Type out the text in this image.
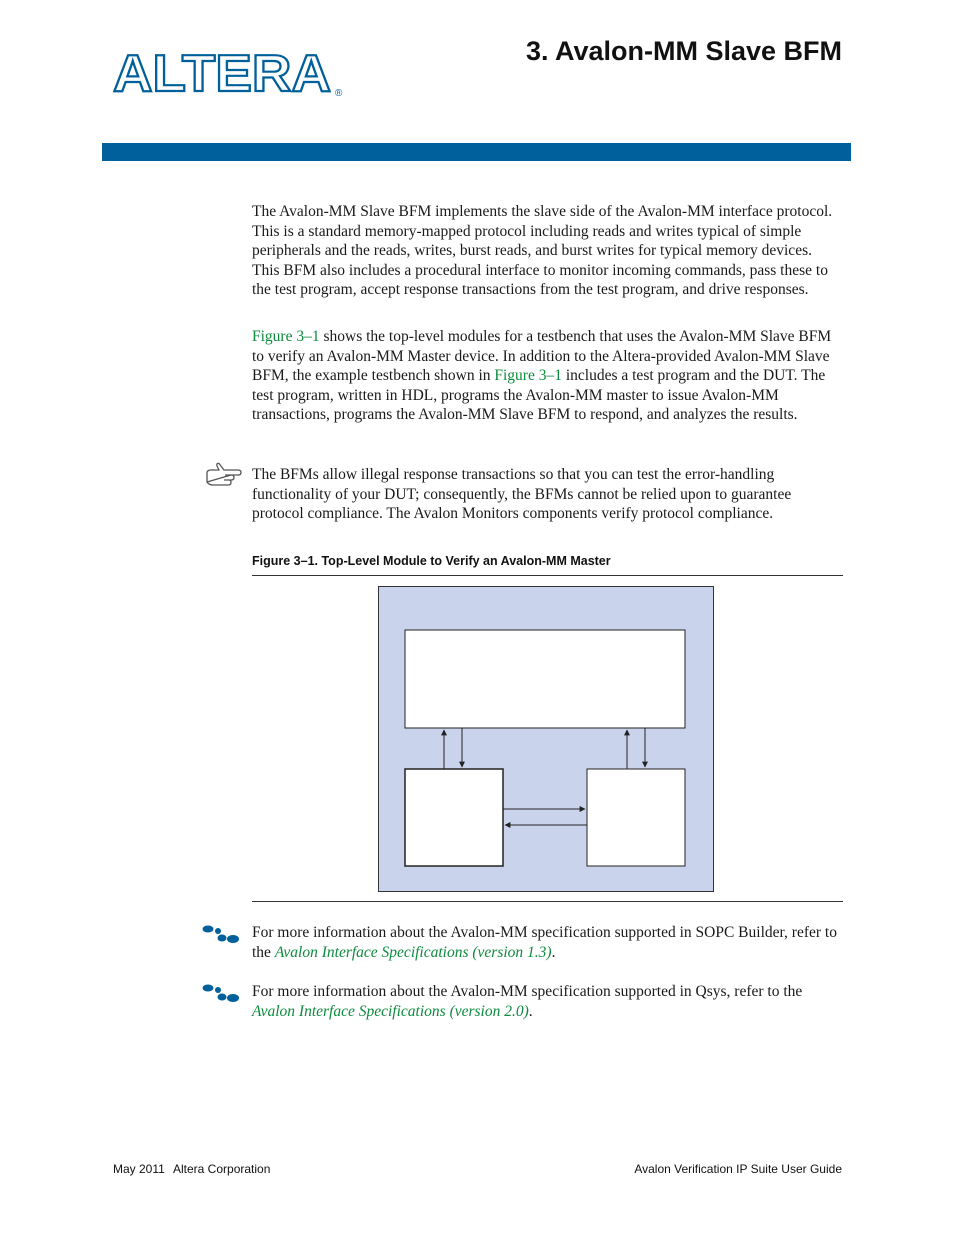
ALTERA ®
3. Avalon-MM Slave BFM

The Avalon-MM Slave BFM implements the slave side of the Avalon-MM interface protocol. This is a standard memory-mapped protocol including reads and writes typical of simple peripherals and the reads, writes, burst reads, and burst writes for typical memory devices. This BFM also includes a procedural interface to monitor incoming commands, pass these to the test program, accept response transactions from the test program, and drive responses.

Figure 3–1 shows the top-level modules for a testbench that uses the Avalon-MM Slave BFM to verify an Avalon-MM Master device. In addition to the Altera-provided Avalon-MM Slave BFM, the example testbench shown in Figure 3–1 includes a test program and the DUT. The test program, written in HDL, programs the Avalon-MM master to issue Avalon-MM transactions, programs the Avalon-MM Slave BFM to respond, and analyzes the results.

The BFMs allow illegal response transactions so that you can test the error-handling functionality of your DUT; consequently, the BFMs cannot be relied upon to guarantee protocol compliance. The Avalon Monitors components verify protocol compliance.

Figure 3–1. Top-Level Module to Verify an Avalon-MM Master

For more information about the Avalon-MM specification supported in SOPC Builder, refer to the Avalon Interface Specifications (version 1.3).

For more information about the Avalon-MM specification supported in Qsys, refer to the Avalon Interface Specifications (version 2.0).

May 2011 Altera Corporation	Avalon Verification IP Suite User Guide
